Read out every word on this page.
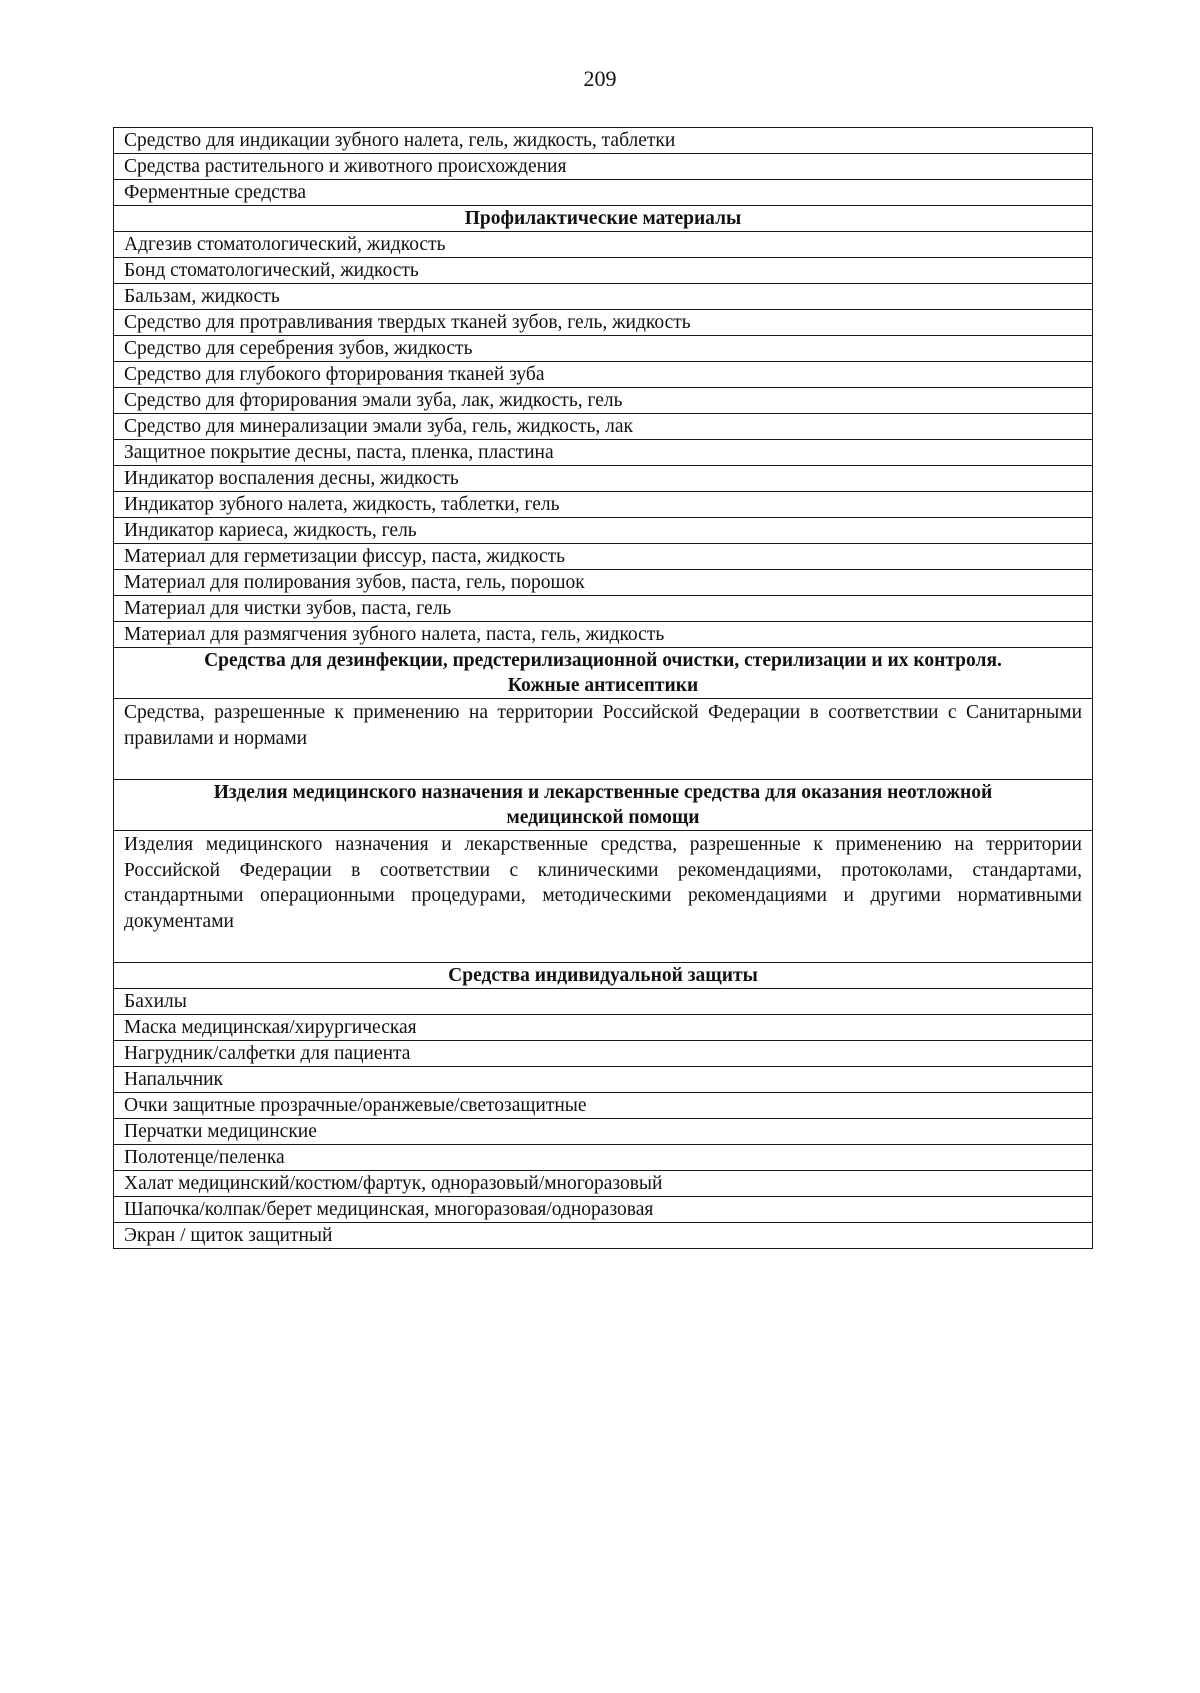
209
Средство для индикации зубного налета, гель, жидкость, таблетки
Средства растительного и животного происхождения
Ферментные средства
Профилактические материалы
Адгезив стоматологический, жидкость
Бонд стоматологический, жидкость
Бальзам, жидкость
Средство для протравливания твердых тканей зубов, гель, жидкость
Средство для серебрения зубов, жидкость
Средство для глубокого фторирования тканей зуба
Средство для фторирования эмали зуба, лак, жидкость, гель
Средство для минерализации эмали зуба, гель, жидкость, лак
Защитное покрытие десны, паста, пленка, пластина
Индикатор воспаления десны, жидкость
Индикатор зубного налета, жидкость, таблетки, гель
Индикатор кариеса, жидкость, гель
Материал для герметизации фиссур, паста, жидкость
Материал для полирования зубов, паста, гель, порошок
Материал для чистки зубов, паста, гель
Материал для размягчения зубного налета, паста, гель, жидкость

Средства для дезинфекции, предстерилизационной очистки, стерилизации и их контроля.
Кожные антисептики

Средства, разрешенные к применению на территории Российской Федерации в соответствии с Санитарными правилами и нормами

Изделия медицинского назначения и лекарственные средства для оказания неотложной
медицинской помощи

Изделия медицинского назначения и лекарственные средства, разрешенные к применению на территории Российской Федерации в соответствии с клиническими рекомендациями, протоколами, стандартами, стандартными операционными процедурами, методическими рекомендациями и другими нормативными документами
Средства индивидуальной защиты
Бахилы
Маска медицинская/хирургическая
Нагрудник/салфетки для пациента
Напальчник
Очки защитные прозрачные/оранжевые/светозащитные
Перчатки медицинские
Полотенце/пеленка
Халат медицинский/костюм/фартук, одноразовый/многоразовый
Шапочка/колпак/берет медицинская, многоразовая/одноразовая
Экран / щиток защитный
